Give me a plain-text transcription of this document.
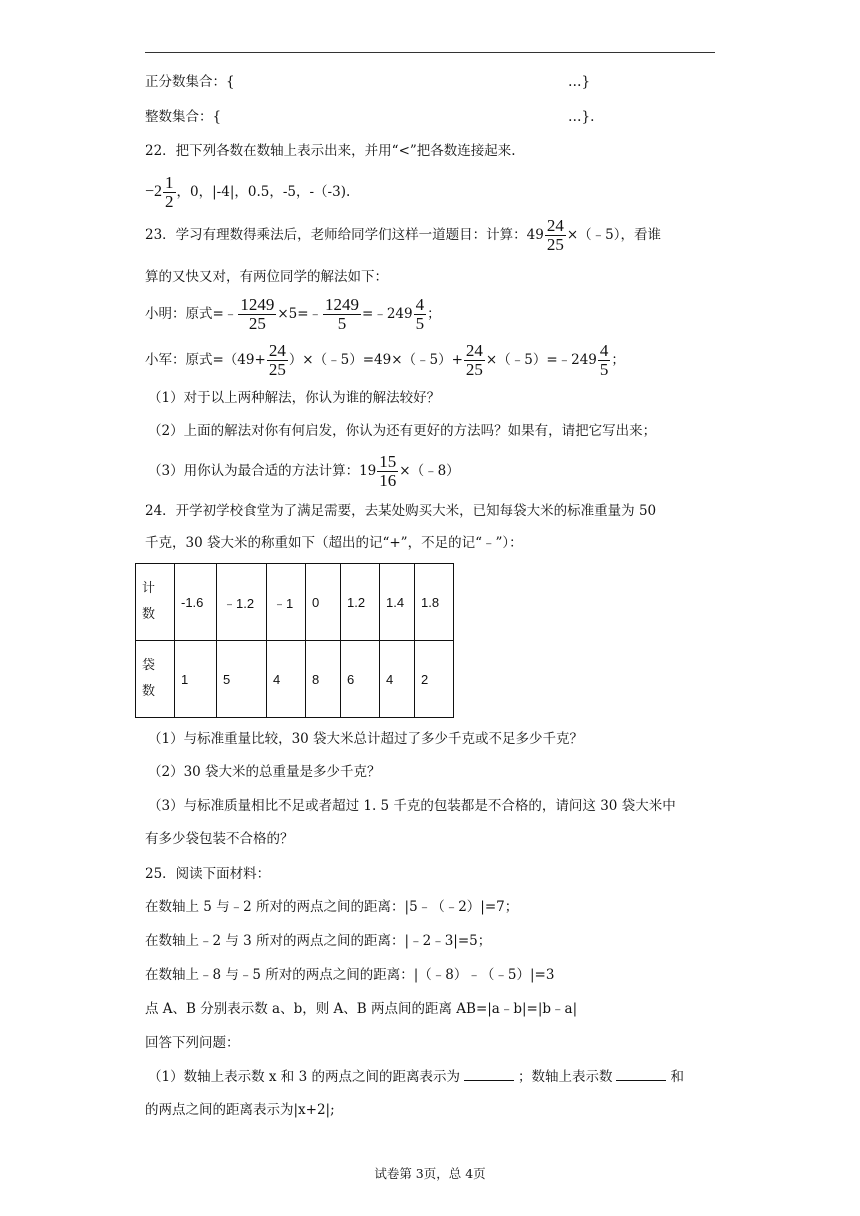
正分数集合：{	…}
整数集合：{	…}.
22．把下列各数在数轴上表示出来，并用“<”把各数连接起来.
$-2 \frac{1}{2}$ ，0，|-4|，0.5，-5，-（-3).
23．学习有理数得乘法后，老师给同学们这样一道题目：计算：$49 \frac{24}{25}$ ×（﹣5），看谁
算的又快又对，有两位同学的解法如下：
小明：原式=﹣ $\frac{1249}{25}$ ×5=﹣ $\frac{1249}{5}$ =﹣249 $\frac{4}{5}$ ；
小军：原式$=(49+ \frac{24}{25}$ ）×（﹣5）=49×（﹣5）+ $\frac{24}{25}$ ×（﹣5）=﹣249 $\frac{4}{5}$ ；
（1）对于以上两种解法，你认为谁的解法较好？
（2）上面的解法对你有何启发，你认为还有更好的方法吗？如果有，请把它写出来；
（3）用你认为最合适的方法计算：$19 \frac{15}{16}$ ×（﹣8）
24．开学初学校食堂为了满足需要，去某处购买大米，已知每袋大米的标准重量为 50
千克，30 袋大米的称重如下（超出的记“+”，不足的记“﹣”）：
计
数	-1.6	﹣1.2	﹣1	0	1.2	1.4	1.8

袋
数	1	5	4	8	6	4	2
（1）与标准重量比较，30 袋大米总计超过了多少千克或不足多少千克？
（2）30 袋大米的总重量是多少千克？
（3）与标准质量相比不足或者超过 1. 5 千克的包装都是不合格的，请问这 30 袋大米中
有多少袋包装不合格的？
25．阅读下面材料：
在数轴上 5 与﹣2 所对的两点之间的距离：|5﹣（﹣2）|=7；
在数轴上﹣2 与 3 所对的两点之间的距离：|﹣2﹣3|=5；
在数轴上﹣8 与﹣5 所对的两点之间的距离：|（﹣8）﹣（﹣5）|=3
点 A、B 分别表示数 a、b，则 A、B 两点间的距离 AB=|a﹣b|=|b﹣a|
回答下列问题：
（1）数轴上表示数 x 和 3 的两点之间的距离表示为	；数轴上表示数	和
的两点之间的距离表示为|x+2|;
试卷第 3页，总 4页
